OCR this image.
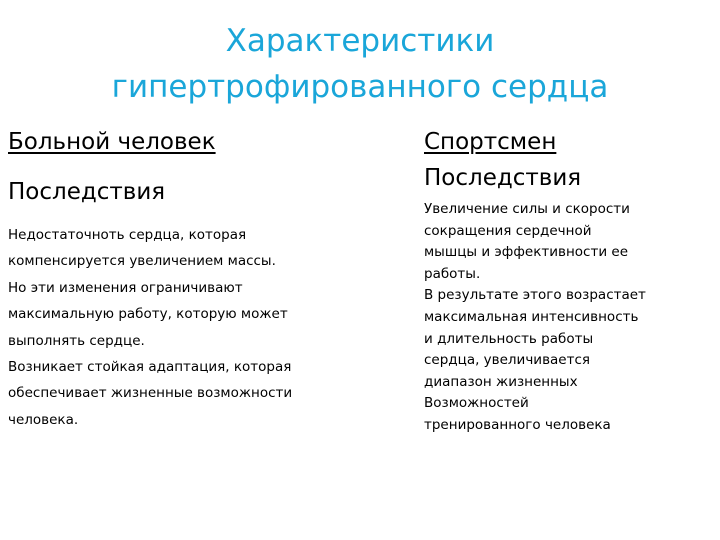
Характеристики
гипертрофированного сердца
Больной человек
Последствия
Недостаточноть сердца, которая
компенсируется увеличением массы.
Но эти изменения ограничивают
максимальную работу, которую может
выполнять сердце.
Возникает стойкая адаптация, которая
обеспечивает жизненные возможности
человека.
Спортсмен
Последствия
Увеличение силы и скорости
сокращения сердечной
мышцы и эффективности ее
работы.
В результате этого возрастает
максимальная интенсивность
и длительность работы
сердца, увеличивается
диапазон жизненных
Возможностей
тренированного человека
